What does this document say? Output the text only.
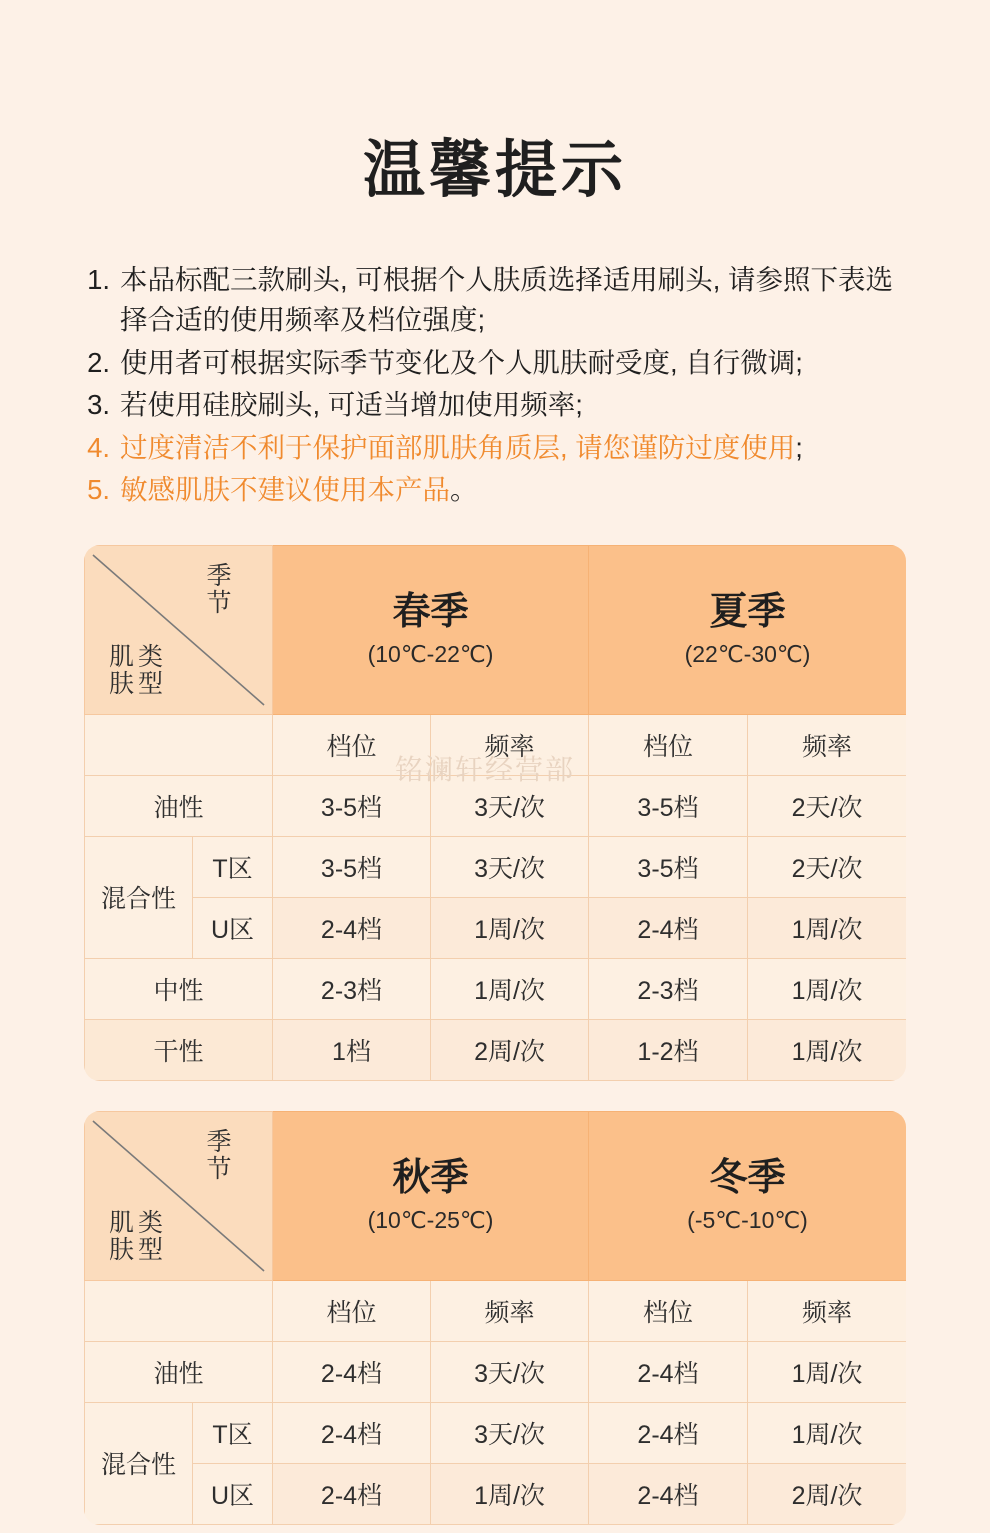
温馨提示
1. 本品标配三款刷头, 可根据个人肤质选择适用刷头, 请参照下表选择合适的使用频率及档位强度;
2. 使用者可根据实际季节变化及个人肌肤耐受度, 自行微调;
3. 若使用硅胶刷头, 可适当增加使用频率;
4. 过度清洁不利于保护面部肌肤角质层, 请您谨防过度使用;
5. 敏感肌肤不建议使用本产品。
季节
肌肤
类型

春季
(10℃-22℃)

夏季
(22℃-30℃)

		档位	频率	档位	频率
油性		3-5档	3天/次	3-5档	2天/次
混合性	T区	3-5档	3天/次	3-5档	2天/次
	U区	2-4档	1周/次	2-4档	1周/次
中性		2-3档	1周/次	2-3档	1周/次
干性		1档	2周/次	1-2档	1周/次
季节
肌肤
类型

秋季
(10℃-25℃)

冬季
(-5℃-10℃)

		档位	频率	档位	频率
油性		2-4档	3天/次	2-4档	1周/次
混合性	T区	2-4档	3天/次	2-4档	1周/次
	U区	2-4档	1周/次	2-4档	2周/次
铭澜轩经营部
